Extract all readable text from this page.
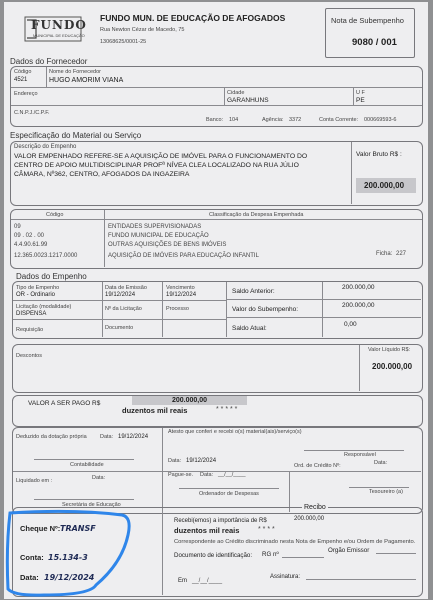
FUNDO
MUNICIPAL DE EDUCAÇÃO
FUNDO MUN. DE EDUCAÇÃO DE AFOGADOS
Rua Newton Cézar de Macedo, 75
13068625/0001-25
Nota de Subempenho
9080 / 001
Dados do Fornecedor
Código
4521
Nome do Fornecedor
HUGO AMORIM VIANA
Endereço	Cidade
GARANHUNS
U F
PE
C.N.P.J./C.P.F.
Banco: 104	Agência: 3372	Conta Corrente: 000669593-6
Especificação do Material ou Serviço
Descrição do Empenho
VALOR EMPENHADO REFERE-SE A AQUISIÇÃO DE IMÓVEL PARA O FUNCIONAMENTO DO
CENTRO DE APOIO MULTIDISCIPLINAR PROFª NÍVEA CLEA LOCALIZADO NA RUA JÚLIO
CÂMARA, Nº362, CENTRO, AFOGADOS DA INGAZEIRA
Valor Bruto R$ :
200.000,00
Código	Classificação da Despesa Empenhada
09	ENTIDADES SUPERVISIONADAS
09 . 02 . 00	FUNDO MUNICIPAL DE EDUCAÇÃO
4.4.90.61.99	OUTRAS AQUISIÇÕES DE BENS IMÓVEIS
12.365.0023.1217.0000	AQUISIÇÃO DE IMÓVEIS PARA EDUCAÇÃO INFANTIL	Ficha: 227
Dados do Empenho
Tipo de Empenho
OR - Ordinario
Data de Emissão
19/12/2024
Vencimento
19/12/2024
Licitação (modalidade)
DISPENSA
Nº da Licitação	Processo
Requisição	Documento
Saldo Anterior:
200.000,00
Valor do Subempenho:
200.000,00
Saldo Atual:
0,00
Descontos
Valor Líquido R$:
200.000,00
VALOR A SER PAGO R$	200.000,00
duzentos mil reais	* * * * *
Deduzido da dotação própria Data: 19/12/2024
Contabilidade
Atesto que conferi e recebi o(s) material(ais)/serviço(s)
Data: 19/12/2024
Responsável
Liquidado em :	Data:
Secretária de Educação
Pague-se. Data: __/__/____
Ordenador de Despesas
Ord. de Crédito Nº:	Data:
Tesoureiro (a)
Recibo
Recebi(emos) a importância de R$	200.000,00
duzentos mil reais	* * * *
Correspondente ao Crédito discriminado nesta Nota de Empenho e/ou Ordem de Pagamento.
Documento de identificação: RG nº
Orgão Emissor
Em __/__/____
Assinatura:
Cheque Nº: TRANSF
Conta: 15.134-3
Data: 19/12/2024
